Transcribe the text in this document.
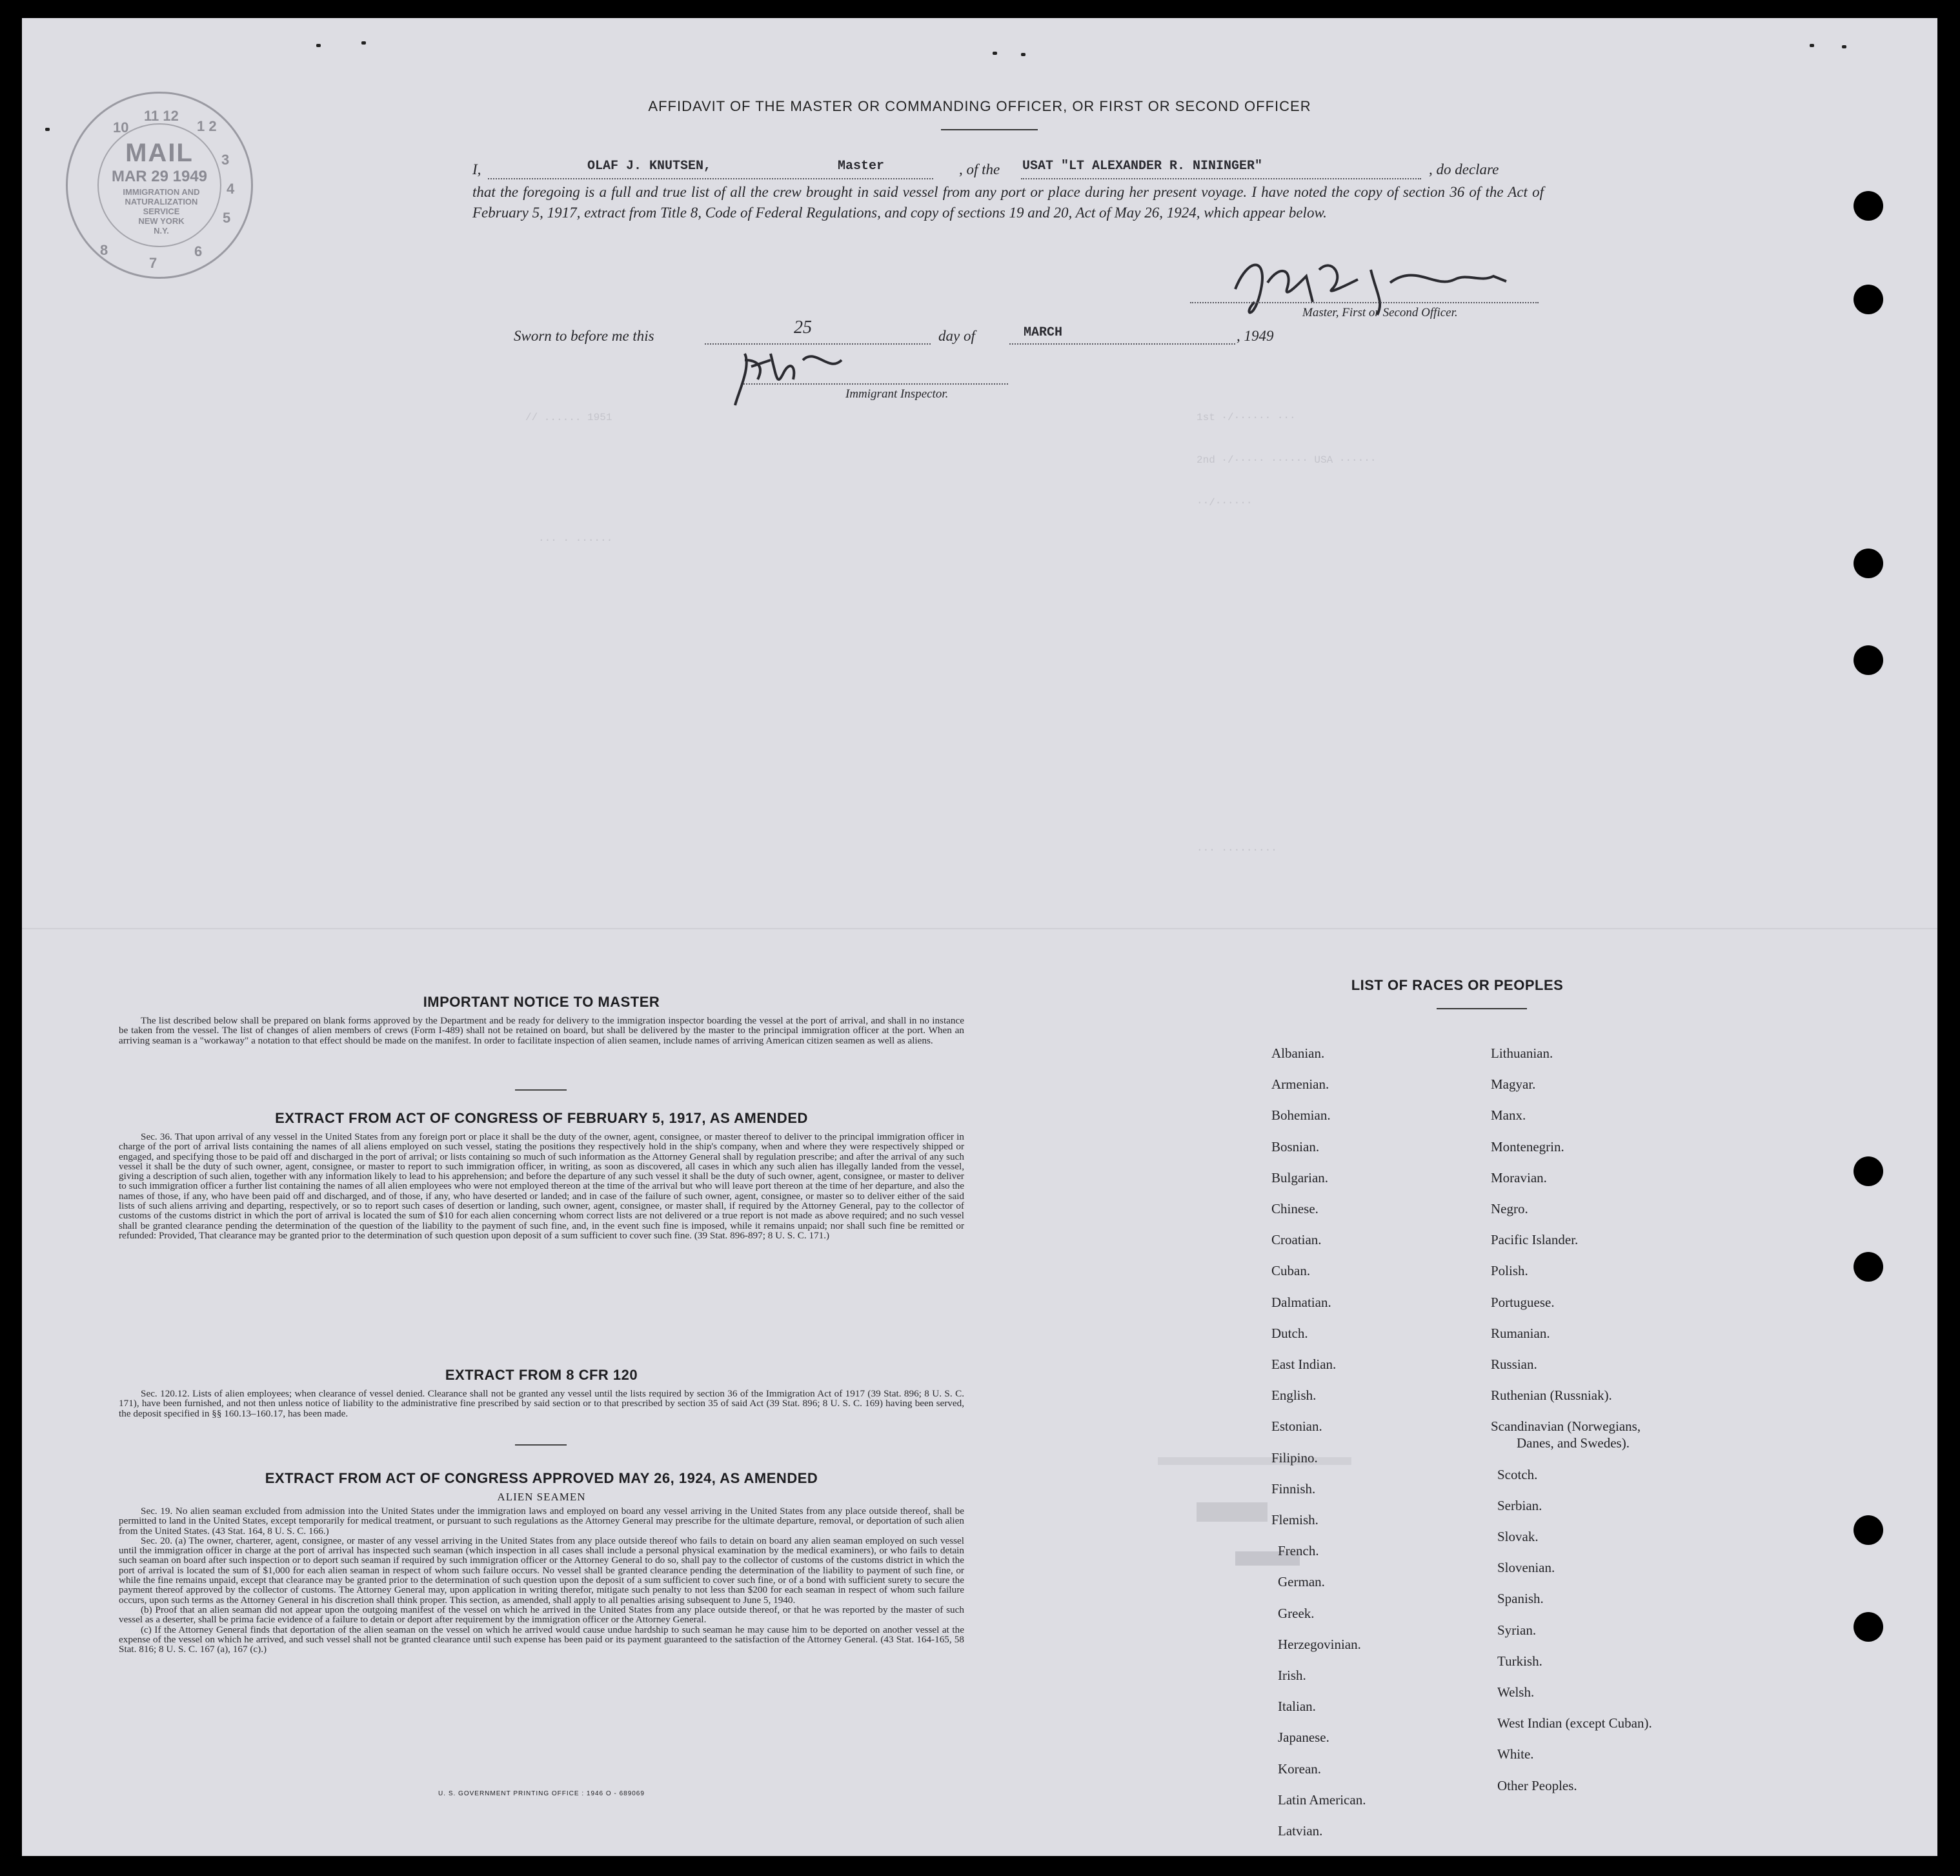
11 12
10	1 2
3
4
5
6
7
8
MAIL
MAR 29 1949
IMMIGRATION AND
NATURALIZATION
SERVICE
NEW YORK
N.Y.
// ...... 1951	1st ·/······ ···
2nd ·/····· ······ USA ······
··/······
··· · ······
··· ·········
AFFIDAVIT OF THE MASTER OR COMMANDING OFFICER, OR FIRST OR SECOND OFFICER
I,	OLAF J. KNUTSEN,	Master	, of the USAT "LT ALEXANDER R. NININGER"	, do declare
that the foregoing is a full and true list of all the crew brought in said vessel from any port or place during her present voyage. I have noted the copy of section 36 of the Act of February 5, 1917, extract from Title 8, Code of Federal Regulations, and copy of sections 19 and 20, Act of May 26, 1924, which appear below.
Master, First or Second Officer.
Sworn to before me this	25	day of	MARCH	, 1949
Immigrant Inspector.
IMPORTANT NOTICE TO MASTER

The list described below shall be prepared on blank forms approved by the Department and be ready for delivery to the immigration inspector boarding the vessel at the port of arrival, and shall in no instance be taken from the vessel. The list of changes of alien members of crews (Form I-489) shall not be retained on board, but shall be delivered by the master to the principal immigration officer at the port. When an arriving seaman is a "workaway" a notation to that effect should be made on the manifest. In order to facilitate inspection of alien seamen, include names of arriving American citizen seamen as well as aliens.

EXTRACT FROM ACT OF CONGRESS OF FEBRUARY 5, 1917, AS AMENDED

Sec. 36. That upon arrival of any vessel in the United States from any foreign port or place it shall be the duty of the owner, agent, consignee, or master thereof to deliver to the principal immigration officer in charge of the port of arrival lists containing the names of all aliens employed on such vessel, stating the positions they respectively hold in the ship's company, when and where they were respectively shipped or engaged, and specifying those to be paid off and discharged in the port of arrival; or lists containing so much of such information as the Attorney General shall by regulation prescribe; and after the arrival of any such vessel it shall be the duty of such owner, agent, consignee, or master to report to such immigration officer, in writing, as soon as discovered, all cases in which any such alien has illegally landed from the vessel, giving a description of such alien, together with any information likely to lead to his apprehension; and before the departure of any such vessel it shall be the duty of such owner, agent, consignee, or master to deliver to such immigration officer a further list containing the names of all alien employees who were not employed thereon at the time of the arrival but who will leave port thereon at the time of her departure, and also the names of those, if any, who have been paid off and discharged, and of those, if any, who have deserted or landed; and in case of the failure of such owner, agent, consignee, or master so to deliver either of the said lists of such aliens arriving and departing, respectively, or so to report such cases of desertion or landing, such owner, agent, consignee, or master shall, if required by the Attorney General, pay to the collector of customs of the customs district in which the port of arrival is located the sum of $10 for each alien concerning whom correct lists are not delivered or a true report is not made as above required; and no such vessel shall be granted clearance pending the determination of the question of the liability to the payment of such fine, and, in the event such fine is imposed, while it remains unpaid; nor shall such fine be remitted or refunded: Provided, That clearance may be granted prior to the determination of such question upon deposit of a sum sufficient to cover such fine. (39 Stat. 896-897; 8 U. S. C. 171.)

EXTRACT FROM 8 CFR 120

Sec. 120.12. Lists of alien employees; when clearance of vessel denied. Clearance shall not be granted any vessel until the lists required by section 36 of the Immigration Act of 1917 (39 Stat. 896; 8 U. S. C. 171), have been furnished, and not then unless notice of liability to the administrative fine prescribed by said section or to that prescribed by section 35 of said Act (39 Stat. 896; 8 U. S. C. 169) having been served, the deposit specified in §§ 160.13–160.17, has been made.

EXTRACT FROM ACT OF CONGRESS APPROVED MAY 26, 1924, AS AMENDED
ALIEN SEAMEN

Sec. 19. No alien seaman excluded from admission into the United States under the immigration laws and employed on board any vessel arriving in the United States from any place outside thereof, shall be permitted to land in the United States, except temporarily for medical treatment, or pursuant to such regulations as the Attorney General may prescribe for the ultimate departure, removal, or deportation of such alien from the United States. (43 Stat. 164, 8 U. S. C. 166.)

Sec. 20. (a) The owner, charterer, agent, consignee, or master of any vessel arriving in the United States from any place outside thereof who fails to detain on board any alien seaman employed on such vessel until the immigration officer in charge at the port of arrival has inspected such seaman (which inspection in all cases shall include a personal physical examination by the medical examiners), or who fails to detain such seaman on board after such inspection or to deport such seaman if required by such immigration officer or the Attorney General to do so, shall pay to the collector of customs of the customs district in which the port of arrival is located the sum of $1,000 for each alien seaman in respect of whom such failure occurs. No vessel shall be granted clearance pending the determination of the liability to payment of such fine, or while the fine remains unpaid, except that clearance may be granted prior to the determination of such question upon the deposit of a sum sufficient to cover such fine, or of a bond with sufficient surety to secure the payment thereof approved by the collector of customs. The Attorney General may, upon application in writing therefor, mitigate such penalty to not less than $200 for each seaman in respect of whom such failure occurs, upon such terms as the Attorney General in his discretion shall think proper. This section, as amended, shall apply to all penalties arising subsequent to June 5, 1940.

(b) Proof that an alien seaman did not appear upon the outgoing manifest of the vessel on which he arrived in the United States from any place outside thereof, or that he was reported by the master of such vessel as a deserter, shall be prima facie evidence of a failure to detain or deport after requirement by the immigration officer or the Attorney General.

(c) If the Attorney General finds that deportation of the alien seaman on the vessel on which he arrived would cause undue hardship to such seaman he may cause him to be deported on another vessel at the expense of the vessel on which he arrived, and such vessel shall not be granted clearance until such expense has been paid or its payment guaranteed to the satisfaction of the Attorney General. (43 Stat. 164-165, 58 Stat. 816; 8 U. S. C. 167 (a), 167 (c).)

U. S. GOVERNMENT PRINTING OFFICE : 1946 O - 689069
LIST OF RACES OR PEOPLES
Albanian.
Armenian.
Bohemian.
Bosnian.
Bulgarian.
Chinese.
Croatian.
Cuban.
Dalmatian.
Dutch.
East Indian.
English.
Estonian.
Filipino.
Finnish.
Flemish.
French.
German.
Greek.
Herzegovinian.
Irish.
Italian.
Japanese.
Korean.
Latin American.
Latvian.
Lithuanian.
Magyar.
Manx.
Montenegrin.
Moravian.
Negro.
Pacific Islander.
Polish.
Portuguese.
Rumanian.
Russian.
Ruthenian (Russniak).
Scandinavian (Norwegians,
Danes, and Swedes).
Scotch.
Serbian.
Slovak.
Slovenian.
Spanish.
Syrian.
Turkish.
Welsh.
West Indian (except Cuban).
White.
Other Peoples.
